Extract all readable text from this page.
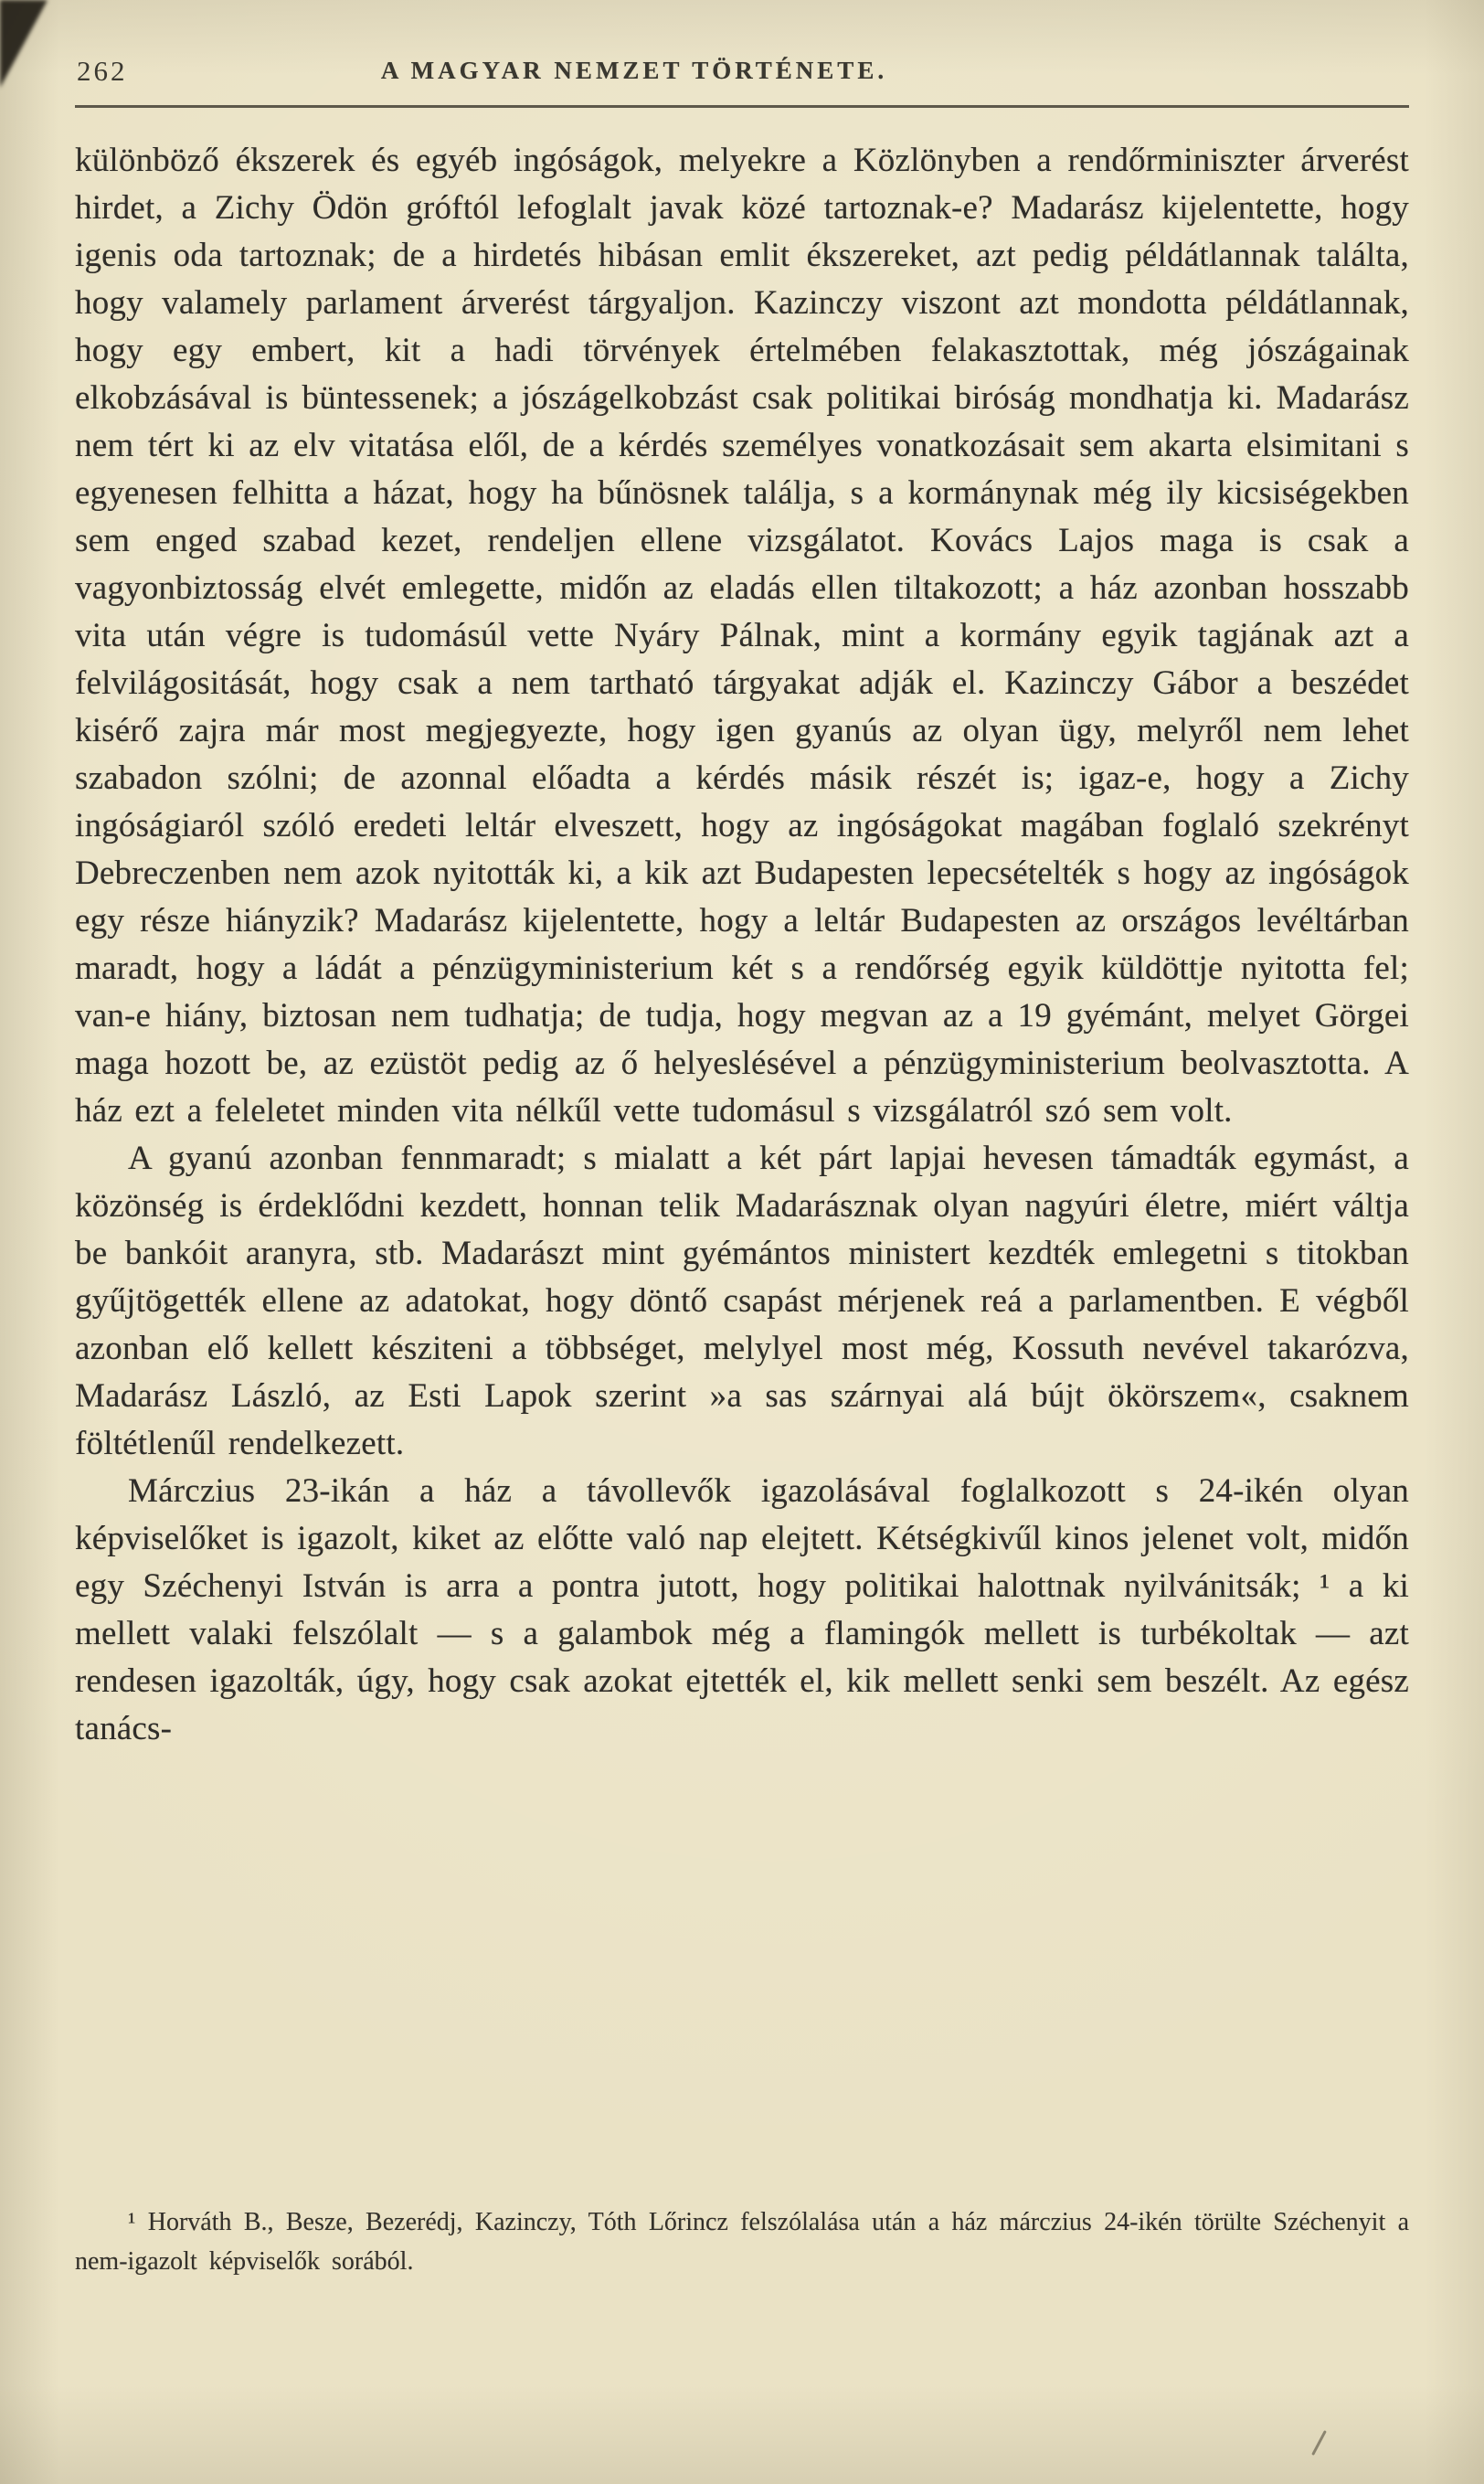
262	A MAGYAR NEMZET TÖRTÉNETE.

különböző ékszerek és egyéb ingóságok, melyekre a Közlönyben a rendőrminiszter árverést hirdet, a Zichy Ödön gróftól lefoglalt javak közé tartoznak-e? Madarász kijelentette, hogy igenis oda tartoznak; de a hirdetés hibásan emlit ékszereket, azt pedig példátlannak találta, hogy valamely parlament árverést tárgyaljon. Kazinczy viszont azt mondotta példátlannak, hogy egy embert, kit a hadi törvények értelmében felakasztottak, még jószágainak elkobzásával is büntessenek; a jószágelkobzást csak politikai biróság mondhatja ki. Madarász nem tért ki az elv vitatása elől, de a kérdés személyes vonatkozásait sem akarta elsimitani s egyenesen felhitta a házat, hogy ha bűnösnek találja, s a kormánynak még ily kicsiségekben sem enged szabad kezet, rendeljen ellene vizsgálatot. Kovács Lajos maga is csak a vagyonbiztosság elvét emlegette, midőn az eladás ellen tiltakozott; a ház azonban hosszabb vita után végre is tudomásúl vette Nyáry Pálnak, mint a kormány egyik tagjának azt a felvilágositását, hogy csak a nem tartható tárgyakat adják el. Kazinczy Gábor a beszédet kisérő zajra már most megjegyezte, hogy igen gyanús az olyan ügy, melyről nem lehet szabadon szólni; de azonnal előadta a kérdés másik részét is; igaz-e, hogy a Zichy ingóságiaról szóló eredeti leltár elveszett, hogy az ingóságokat magában foglaló szekrényt Debreczenben nem azok nyitották ki, a kik azt Budapesten lepecsételték s hogy az ingóságok egy része hiányzik? Madarász kijelentette, hogy a leltár Budapesten az országos levéltárban maradt, hogy a ládát a pénzügyministerium két s a rendőrség egyik küldöttje nyitotta fel; van-e hiány, biztosan nem tudhatja; de tudja, hogy megvan az a 19 gyémánt, melyet Görgei maga hozott be, az ezüstöt pedig az ő helyeslésével a pénzügyministerium beolvasztotta. A ház ezt a feleletet minden vita nélkűl vette tudomásul s vizsgálatról szó sem volt.

A gyanú azonban fennmaradt; s mialatt a két párt lapjai hevesen támadták egymást, a közönség is érdeklődni kezdett, honnan telik Madarásznak olyan nagyúri életre, miért váltja be bankóit aranyra, stb. Madarászt mint gyémántos ministert kezdték emlegetni s titokban gyűjtögették ellene az adatokat, hogy döntő csapást mérjenek reá a parlamentben. E végből azonban elő kellett késziteni a többséget, melylyel most még, Kossuth nevével takarózva, Madarász László, az Esti Lapok szerint »a sas szárnyai alá bújt ökörszem«, csaknem föltétlenűl rendelkezett.

Márczius 23-ikán a ház a távollevők igazolásával foglalkozott s 24-ikén olyan képviselőket is igazolt, kiket az előtte való nap elejtett. Kétségkivűl kinos jelenet volt, midőn egy Széchenyi István is arra a pontra jutott, hogy politikai halottnak nyilvánitsák; ¹ a ki mellett valaki felszólalt — s a galambok még a flamingók mellett is turbékoltak — azt rendesen igazolták, úgy, hogy csak azokat ejtették el, kik mellett senki sem beszélt. Az egész tanács-

¹ Horváth B., Besze, Bezerédj, Kazinczy, Tóth Lőrincz felszólalása után a ház márczius 24-ikén törülte Széchenyit a nem-igazolt képviselők sorából.
